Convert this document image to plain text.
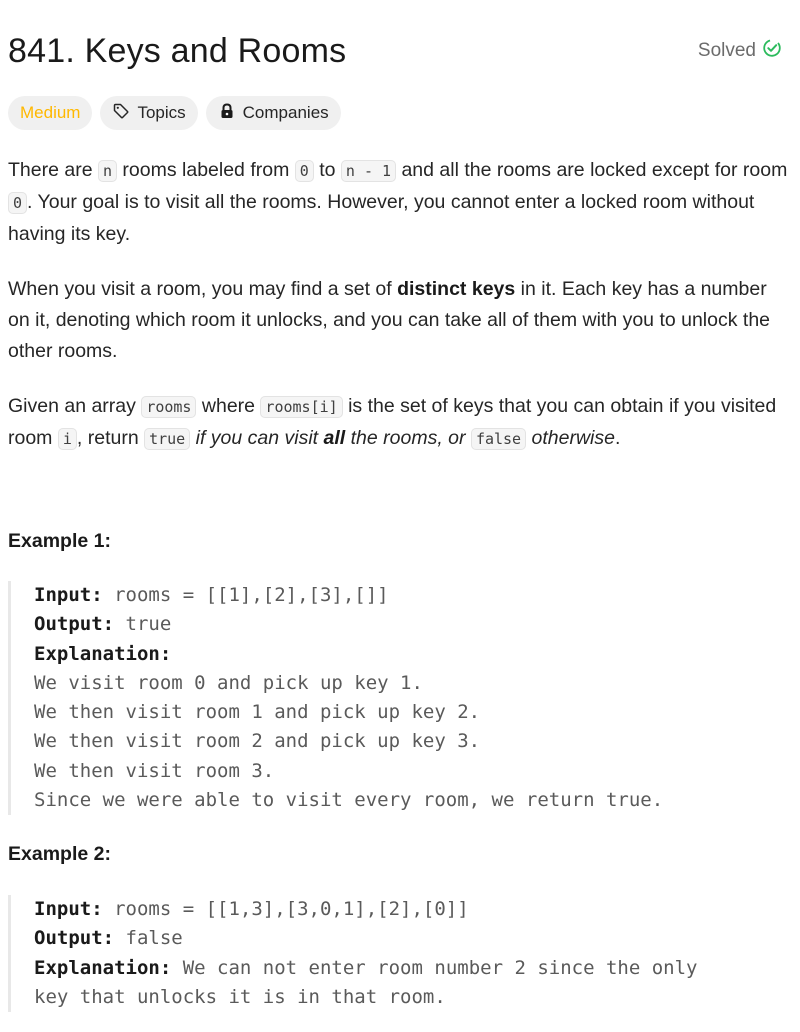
841. Keys and Rooms	Solved
Medium	Topics	Companies

There are n rooms labeled from 0 to n - 1 and all the rooms are locked except for room 0 . Your goal is to visit all the rooms. However, you cannot enter a locked room without having its key.

When you visit a room, you may find a set of distinct keys in it. Each key has a number on it, denoting which room it unlocks, and you can take all of them with you to unlock the other rooms.

Given an array rooms where rooms[i] is the set of keys that you can obtain if you visited room i , return true if you can visit all the rooms, or false otherwise.

Example 1:
Input: rooms = [[1],[2],[3],[]]
Output: true
Explanation:
We visit room 0 and pick up key 1.
We then visit room 1 and pick up key 2.
We then visit room 2 and pick up key 3.
We then visit room 3.
Since we were able to visit every room, we return true.
Example 2:
Input: rooms = [[1,3],[3,0,1],[2],[0]]
Output: false
Explanation: We can not enter room number 2 since the only
key that unlocks it is in that room.
